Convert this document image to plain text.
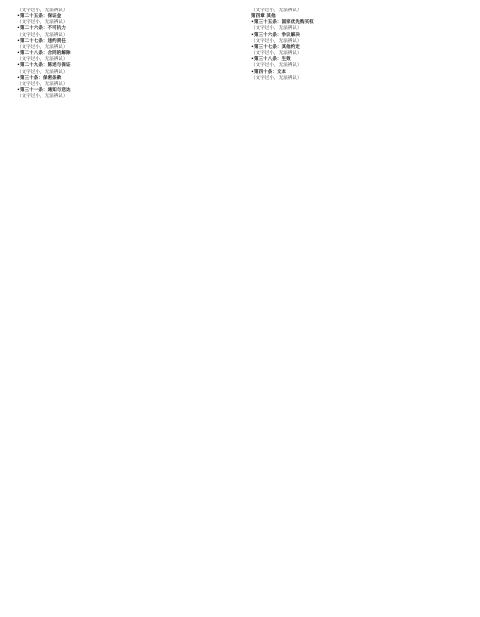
（文字过小，无法辨认）

•第二十五条：保证金

（文字过小，无法辨认）

•第二十六条：不可抗力

（文字过小，无法辨认）

•第二十七条：违约责任

（文字过小，无法辨认）

•第二十八条：合同的解除

（文字过小，无法辨认）

•第二十九条：陈述与保证

（文字过小，无法辨认）

•第三十条：保密条款

（文字过小，无法辨认）

•第三十一条：通知与送达

（文字过小，无法辨认）

（文字过小，无法辨认）

第四章 其他

•第三十五条：国家优先购买权

（文字过小，无法辨认）

•第三十六条：争议解决

（文字过小，无法辨认）

•第三十七条：其他约定

（文字过小，无法辨认）

•第三十八条：生效

（文字过小，无法辨认）

•第四十条：文本

（文字过小，无法辨认）
